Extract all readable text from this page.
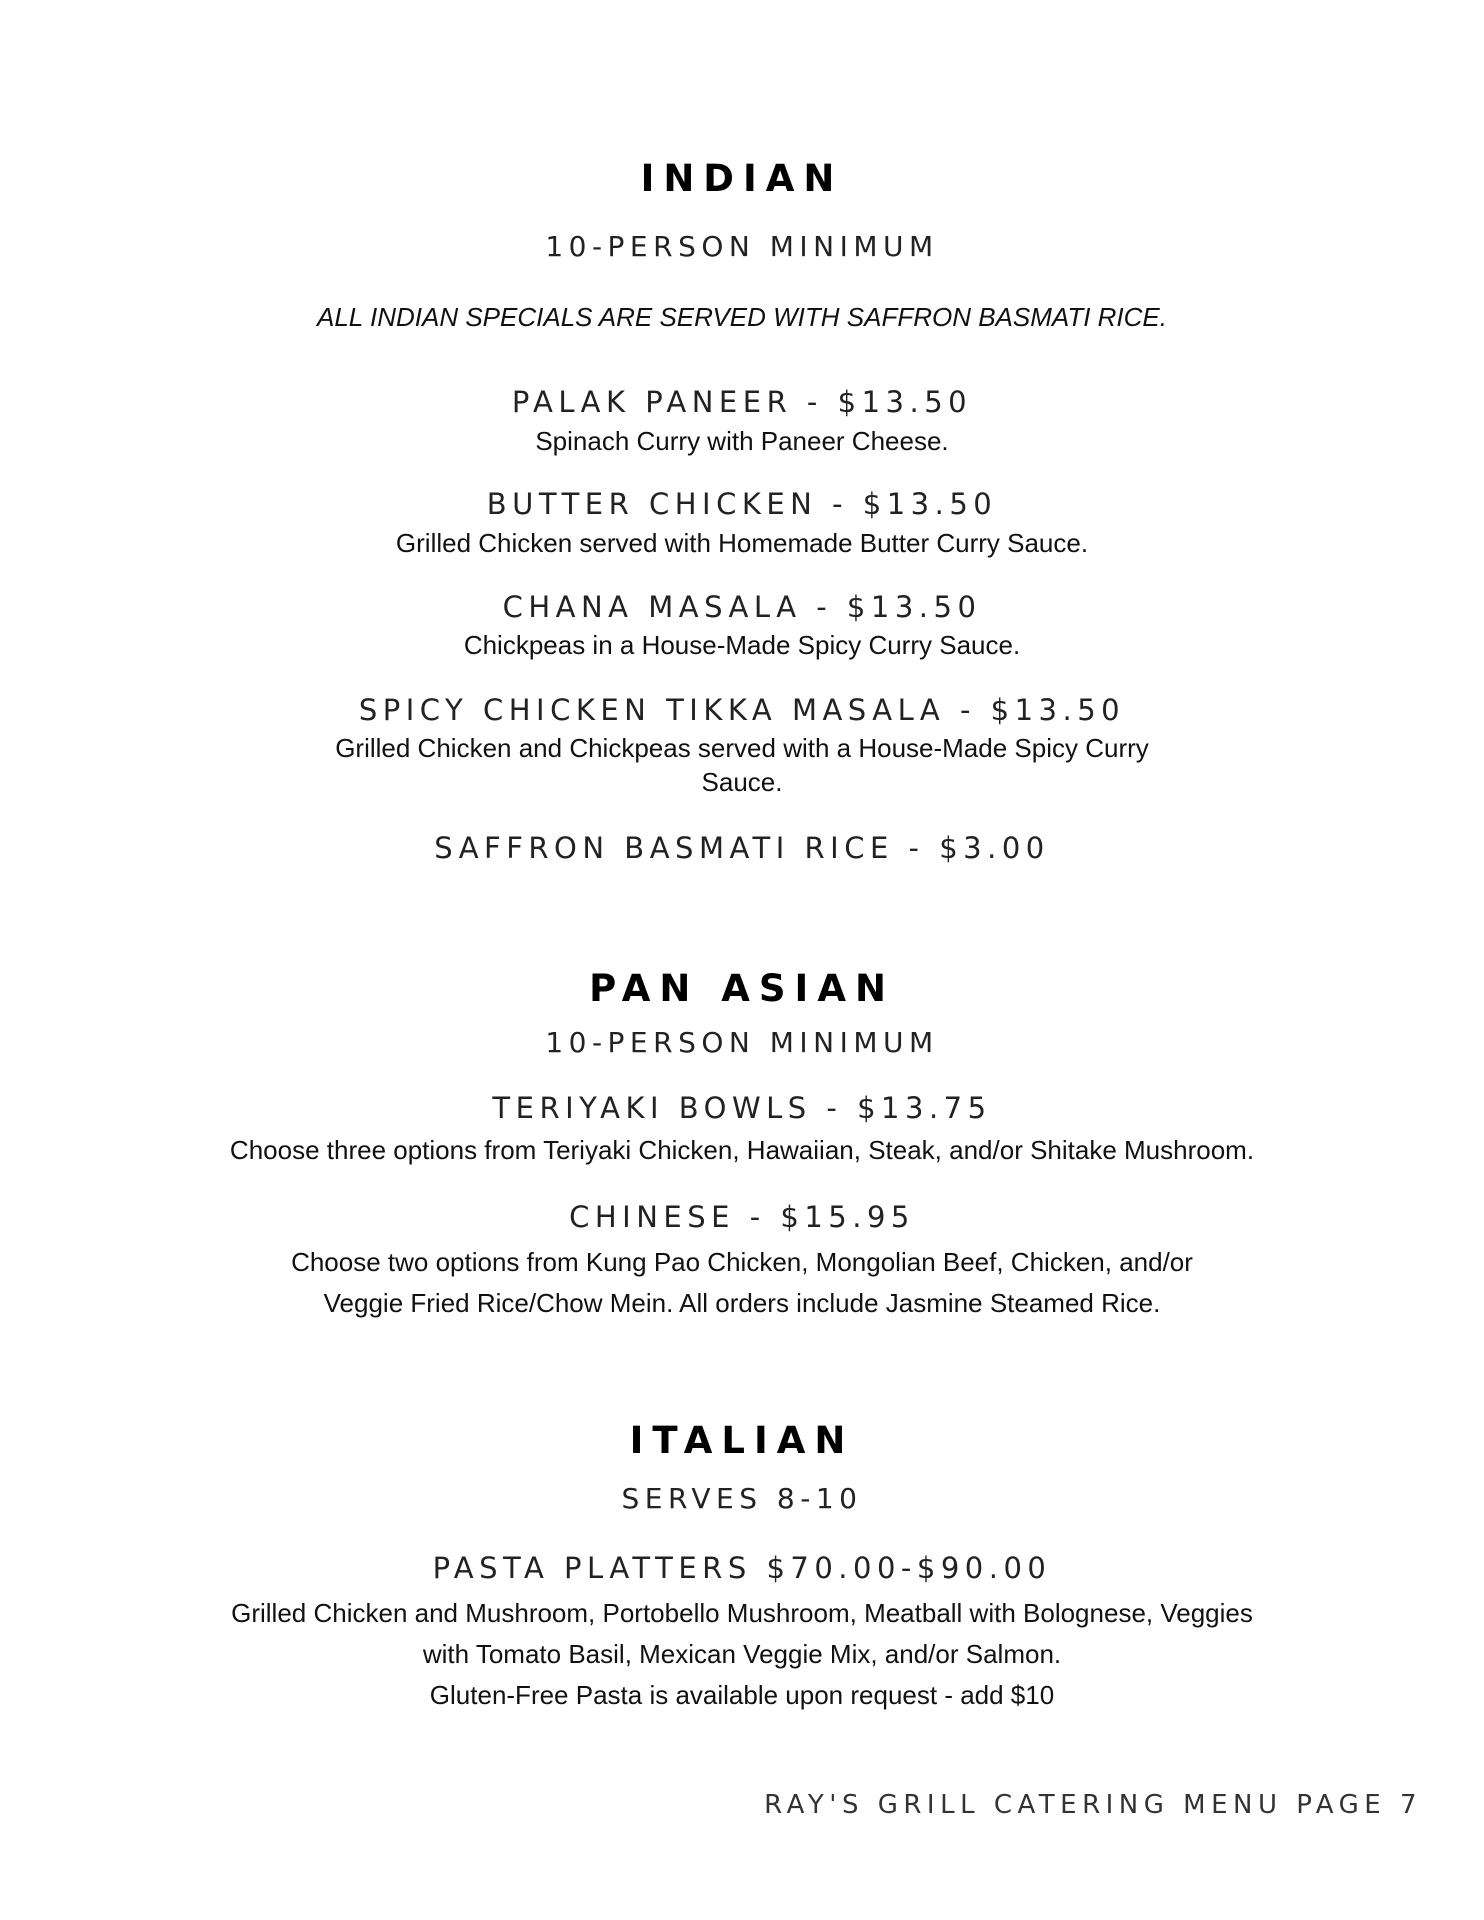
INDIAN

10-PERSON MINIMUM

ALL INDIAN SPECIALS ARE SERVED WITH SAFFRON BASMATI RICE.

PALAK PANEER - $13.50

Spinach Curry with Paneer Cheese.

BUTTER CHICKEN - $13.50

Grilled Chicken served with Homemade Butter Curry Sauce.

CHANA MASALA - $13.50

Chickpeas in a House-Made Spicy Curry Sauce.

SPICY CHICKEN TIKKA MASALA - $13.50

Grilled Chicken and Chickpeas served with a House-Made Spicy Curry

Sauce.

SAFFRON BASMATI RICE - $3.00

PAN ASIAN

10-PERSON MINIMUM

TERIYAKI BOWLS - $13.75

Choose three options from Teriyaki Chicken, Hawaiian, Steak, and/or Shitake Mushroom.

CHINESE - $15.95

Choose two options from Kung Pao Chicken, Mongolian Beef, Chicken, and/or

Veggie Fried Rice/Chow Mein. All orders include Jasmine Steamed Rice.

ITALIAN

SERVES 8-10

PASTA PLATTERS $70.00-$90.00

Grilled Chicken and Mushroom, Portobello Mushroom, Meatball with Bolognese, Veggies

with Tomato Basil, Mexican Veggie Mix, and/or Salmon.

Gluten-Free Pasta is available upon request - add $10

RAY'S GRILL CATERING MENU PAGE 7
